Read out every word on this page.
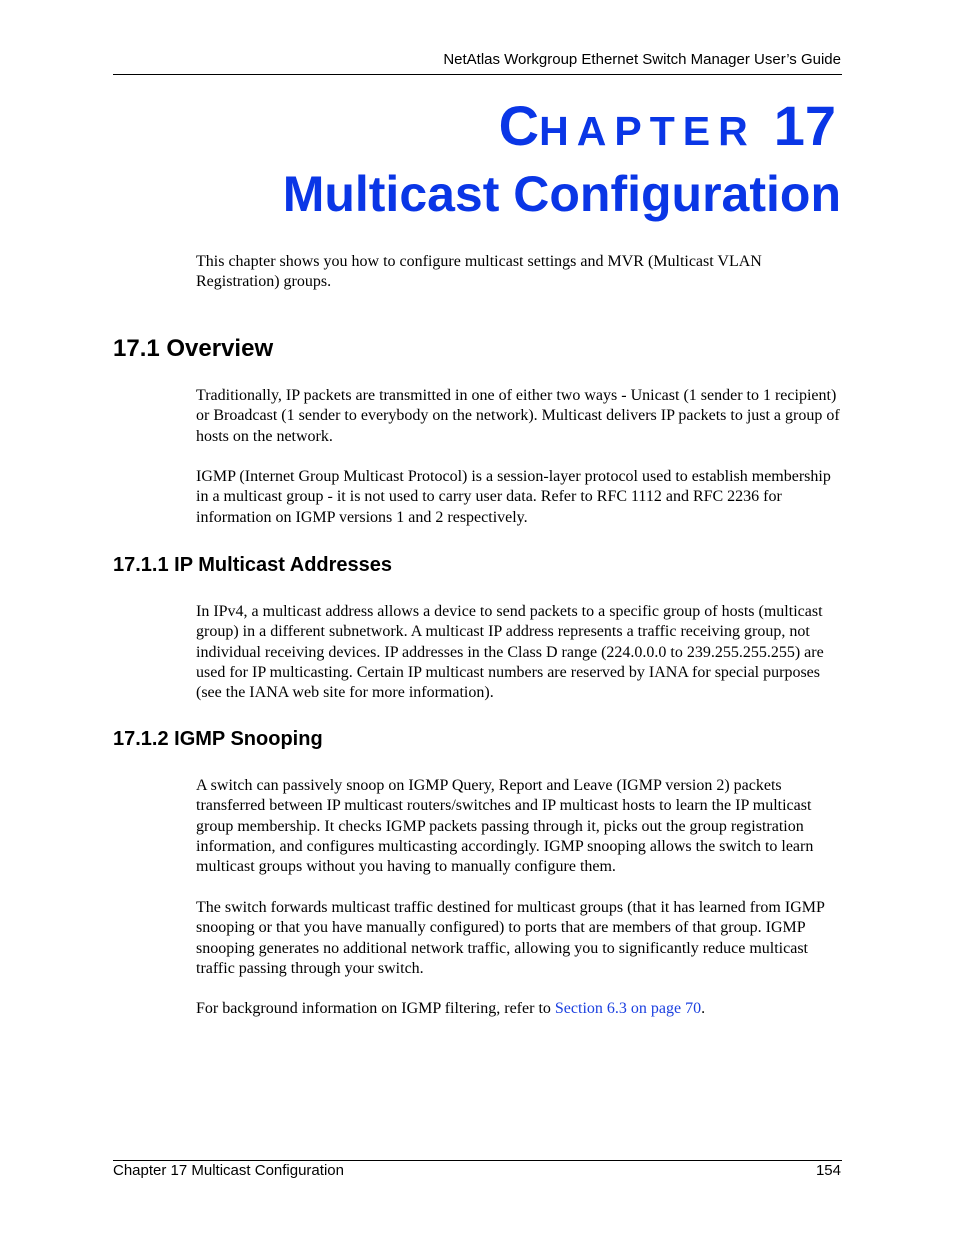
NetAtlas Workgroup Ethernet Switch Manager User’s Guide
CHAPTER 17
Multicast Configuration

This chapter shows you how to configure multicast settings and MVR (Multicast VLAN Registration) groups.

17.1 Overview

Traditionally, IP packets are transmitted in one of either two ways - Unicast (1 sender to 1 recipient) or Broadcast (1 sender to everybody on the network). Multicast delivers IP packets to just a group of hosts on the network.

IGMP (Internet Group Multicast Protocol) is a session-layer protocol used to establish membership in a multicast group - it is not used to carry user data. Refer to RFC 1112 and RFC 2236 for information on IGMP versions 1 and 2 respectively.

17.1.1 IP Multicast Addresses

In IPv4, a multicast address allows a device to send packets to a specific group of hosts (multicast group) in a different subnetwork. A multicast IP address represents a traffic receiving group, not individual receiving devices. IP addresses in the Class D range (224.0.0.0 to 239.255.255.255) are used for IP multicasting. Certain IP multicast numbers are reserved by IANA for special purposes (see the IANA web site for more information).

17.1.2 IGMP Snooping

A switch can passively snoop on IGMP Query, Report and Leave (IGMP version 2) packets transferred between IP multicast routers/switches and IP multicast hosts to learn the IP multicast group membership. It checks IGMP packets passing through it, picks out the group registration information, and configures multicasting accordingly. IGMP snooping allows the switch to learn multicast groups without you having to manually configure them.

The switch forwards multicast traffic destined for multicast groups (that it has learned from IGMP snooping or that you have manually configured) to ports that are members of that group. IGMP snooping generates no additional network traffic, allowing you to significantly reduce multicast traffic passing through your switch.

For background information on IGMP filtering, refer to Section 6.3 on page 70.

Chapter 17 Multicast Configuration	154
